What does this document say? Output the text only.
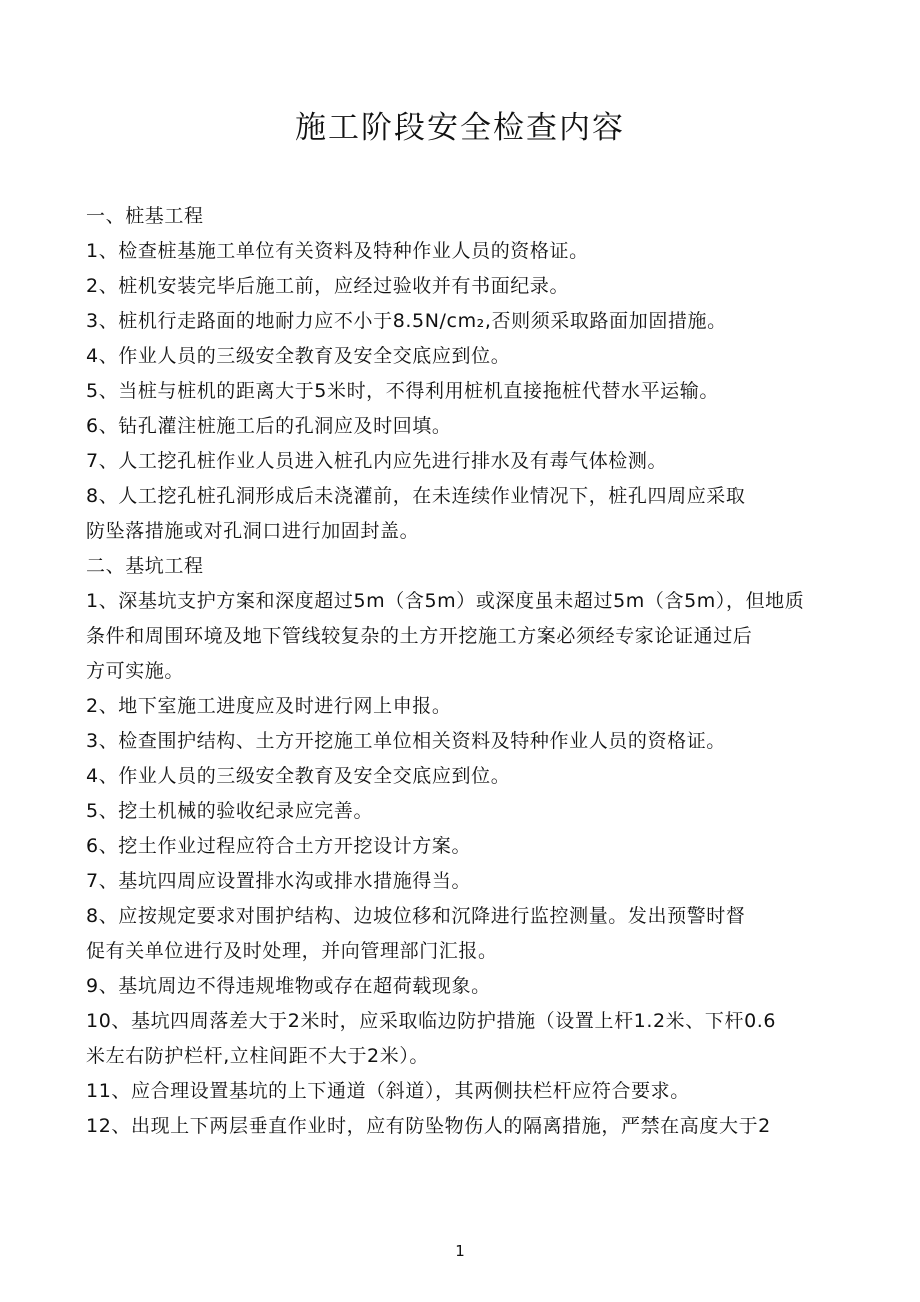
施工阶段安全检查内容
一、桩基工程
1、检查桩基施工单位有关资料及特种作业人员的资格证。
2、桩机安装完毕后施工前，应经过验收并有书面纪录。
3、桩机行走路面的地耐力应不小于8.5N/cm₂,否则须采取路面加固措施。
4、作业人员的三级安全教育及安全交底应到位。
5、当桩与桩机的距离大于5米时，不得利用桩机直接拖桩代替水平运输。
6、钻孔灌注桩施工后的孔洞应及时回填。
7、人工挖孔桩作业人员进入桩孔内应先进行排水及有毒气体检测。
8、人工挖孔桩孔洞形成后未浇灌前，在未连续作业情况下，桩孔四周应采取
防坠落措施或对孔洞口进行加固封盖。
二、基坑工程
1、深基坑支护方案和深度超过5m（含5m）或深度虽未超过5m（含5m），但地质
条件和周围环境及地下管线较复杂的土方开挖施工方案必须经专家论证通过后
方可实施。
2、地下室施工进度应及时进行网上申报。
3、检查围护结构、土方开挖施工单位相关资料及特种作业人员的资格证。
4、作业人员的三级安全教育及安全交底应到位。
5、挖土机械的验收纪录应完善。
6、挖土作业过程应符合土方开挖设计方案。
7、基坑四周应设置排水沟或排水措施得当。
8、应按规定要求对围护结构、边坡位移和沉降进行监控测量。发出预警时督
促有关单位进行及时处理，并向管理部门汇报。
9、基坑周边不得违规堆物或存在超荷载现象。
10、基坑四周落差大于2米时，应采取临边防护措施（设置上杆1.2米、下杆0.6
米左右防护栏杆,立柱间距不大于2米）。
11、应合理设置基坑的上下通道（斜道），其两侧扶栏杆应符合要求。
12、出现上下两层垂直作业时，应有防坠物伤人的隔离措施，严禁在高度大于2
1
